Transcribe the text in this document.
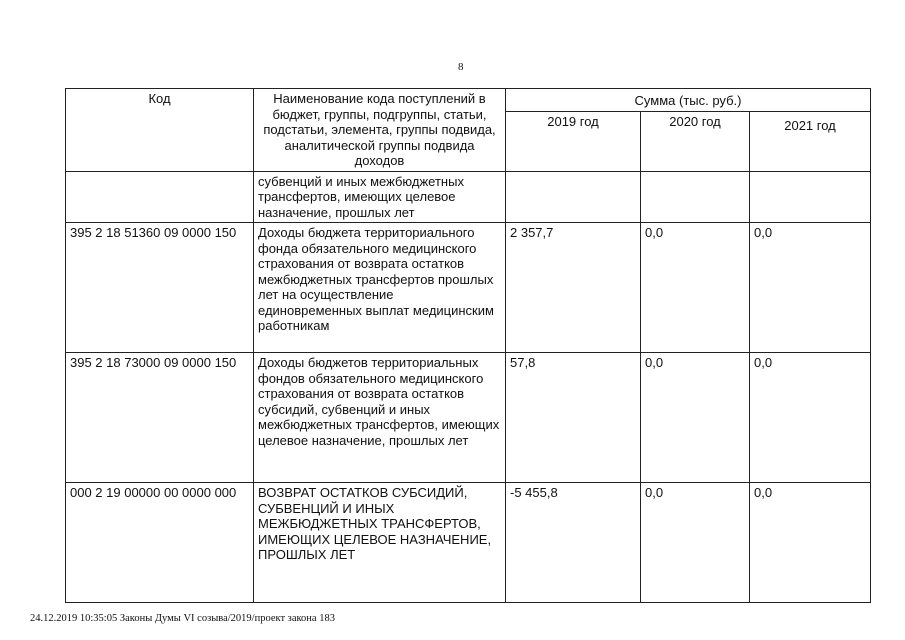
8
Код	Наименование кода поступлений в бюджет, группы, подгруппы, статьи, подстатьи, элемента, группы подвида, аналитической группы подвида доходов	Сумма (тыс. руб.)		
		2019 год	2020 год	2021 год
	субвенций и иных межбюджетных трансфертов, имеющих целевое назначение, прошлых лет			
395 2 18 51360 09 0000 150	Доходы бюджета территориального фонда обязательного медицинского страхования от возврата остатков межбюджетных трансфертов прошлых лет на осуществление единовременных выплат медицинским работникам	2 357,7	0,0	0,0
395 2 18 73000 09 0000 150	Доходы бюджетов территориальных фондов обязательного медицинского страхования от возврата остатков субсидий, субвенций и иных межбюджетных трансфертов, имеющих целевое назначение, прошлых лет	57,8	0,0	0,0
000 2 19 00000 00 0000 000	ВОЗВРАТ ОСТАТКОВ СУБСИДИЙ, СУБВЕНЦИЙ И ИНЫХ МЕЖБЮДЖЕТНЫХ ТРАНСФЕРТОВ, ИМЕЮЩИХ ЦЕЛЕВОЕ НАЗНАЧЕНИЕ, ПРОШЛЫХ ЛЕТ	-5 455,8	0,0	0,0
24.12.2019 10:35:05 Законы Думы VI созыва/2019/проект закона 183
